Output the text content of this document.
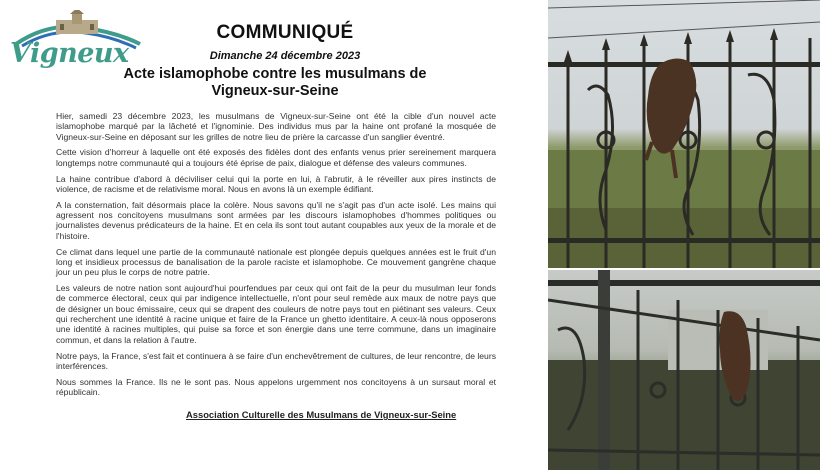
Vigneux
COMMUNIQUÉ
Dimanche 24 décembre 2023
Acte islamophobe contre les musulmans de
Vigneux-sur-Seine

Hier, samedi 23 décembre 2023, les musulmans de Vigneux-sur-Seine ont été la cible d'un nouvel acte islamophobe marqué par la lâcheté et l'ignominie. Des individus mus par la haine ont profané la mosquée de Vigneux-sur-Seine en déposant sur les grilles de notre lieu de prière la carcasse d'un sanglier éventré.

Cette vision d'horreur à laquelle ont été exposés des fidèles dont des enfants venus prier sereinement marquera longtemps notre communauté qui a toujours été éprise de paix, dialogue et défense des valeurs communes.

La haine contribue d'abord à déciviliser celui qui la porte en lui, à l'abrutir, à le réveiller aux pires instincts de violence, de racisme et de relativisme moral. Nous en avons là un exemple édifiant.

A la consternation, fait désormais place la colère. Nous savons qu'il ne s'agit pas d'un acte isolé. Les mains qui agressent nos concitoyens musulmans sont armées par les discours islamophobes d'hommes politiques ou journalistes devenus prédicateurs de la haine. Et en cela ils sont tout autant coupables aux yeux de la morale et de l'histoire.

Ce climat dans lequel une partie de la communauté nationale est plongée depuis quelques années est le fruit d'un long et insidieux processus de banalisation de la parole raciste et islamophobe. Ce mouvement gangrène chaque jour un peu plus le corps de notre patrie.

Les valeurs de notre nation sont aujourd'hui pourfendues par ceux qui ont fait de la peur du musulman leur fonds de commerce électoral, ceux qui par indigence intellectuelle, n'ont pour seul remède aux maux de notre pays que de désigner un bouc émissaire, ceux qui se drapent des couleurs de notre pays tout en piétinant ses valeurs. Ceux qui recherchent une identité à racine unique et faire de la France un ghetto identitaire. A ceux-là nous opposerons une identité à racines multiples, qui puise sa force et son énergie dans une terre commune, dans un imaginaire commun, et dans la relation à l'autre.

Notre pays, la France, s'est fait et continuera à se faire d'un enchevêtrement de cultures, de leur rencontre, de leurs interférences.

Nous sommes la France. Ils ne le sont pas. Nous appelons urgemment nos concitoyens à un sursaut moral et républicain.

Association Culturelle des Musulmans de Vigneux-sur-Seine
